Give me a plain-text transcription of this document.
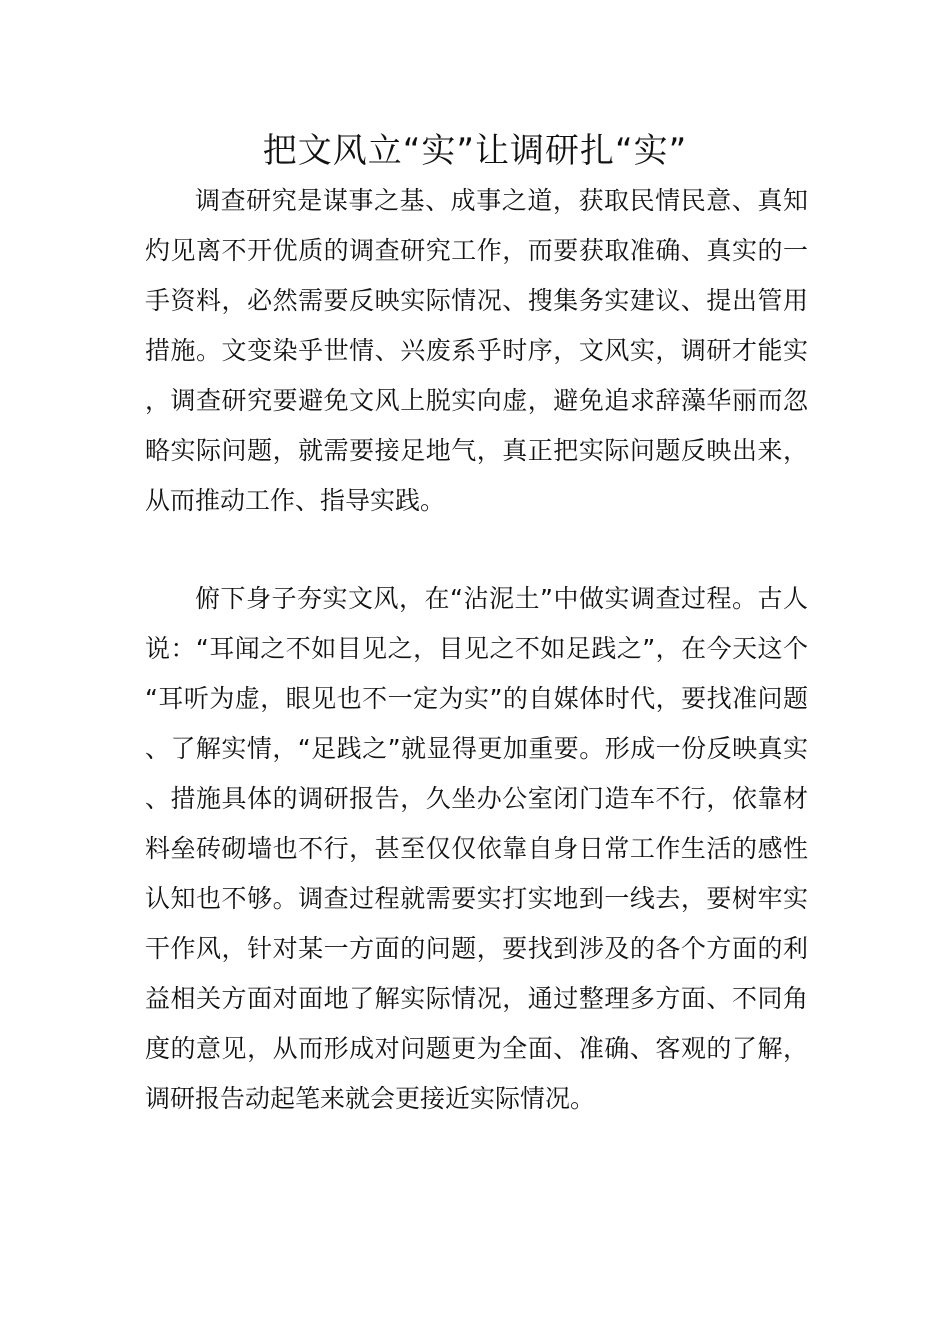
把文风立“实”让调研扎“实”

调查研究是谋事之基、成事之道，获取民情民意、真知灼见离不开优质的调查研究工作，而要获取准确、真实的一手资料，必然需要反映实际情况、搜集务实建议、提出管用措施。文变染乎世情、兴废系乎时序，文风实，调研才能实，调查研究要避免文风上脱实向虚，避免追求辞藻华丽而忽略实际问题，就需要接足地气，真正把实际问题反映出来，从而推动工作、指导实践。

俯下身子夯实文风，在“沾泥土”中做实调查过程。古人说：“耳闻之不如目见之，目见之不如足践之”，在今天这个“耳听为虚，眼见也不一定为实”的自媒体时代，要找准问题、了解实情，“足践之”就显得更加重要。形成一份反映真实、措施具体的调研报告，久坐办公室闭门造车不行，依靠材料垒砖砌墙也不行，甚至仅仅依靠自身日常工作生活的感性认知也不够。调查过程就需要实打实地到一线去，要树牢实干作风，针对某一方面的问题，要找到涉及的各个方面的利益相关方面对面地了解实际情况，通过整理多方面、不同角度的意见，从而形成对问题更为全面、准确、客观的了解，调研报告动起笔来就会更接近实际情况。
